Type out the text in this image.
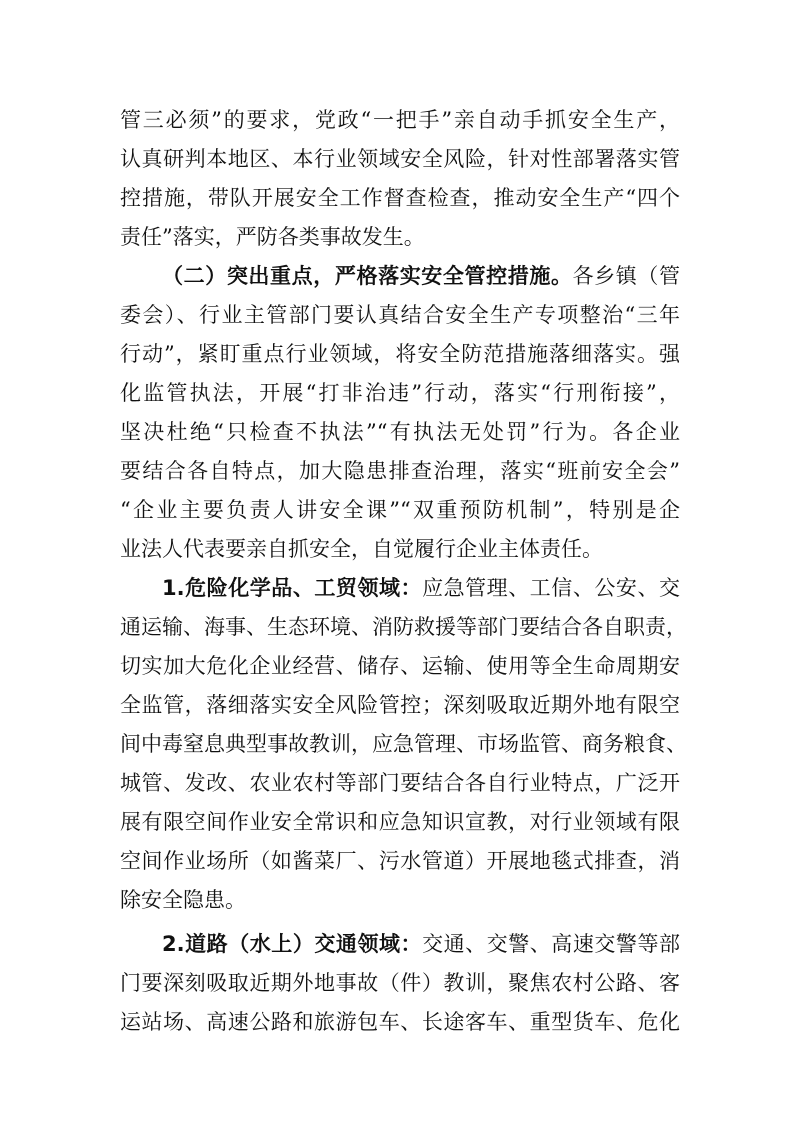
管三必须”的要求，党政“一把手”亲自动手抓安全生产，
认真研判本地区、本行业领域安全风险，针对性部署落实管
控措施，带队开展安全工作督查检查，推动安全生产“四个
责任”落实，严防各类事故发生。
（二）突出重点，严格落实安全管控措施。各乡镇（管
委会）、行业主管部门要认真结合安全生产专项整治“三年
行动”，紧盯重点行业领域，将安全防范措施落细落实。强
化监管执法，开展“打非治违”行动，落实“行刑衔接”，
坚决杜绝“只检查不执法”“有执法无处罚”行为。各企业
要结合各自特点，加大隐患排查治理，落实“班前安全会”
“企业主要负责人讲安全课”“双重预防机制”，特别是企
业法人代表要亲自抓安全，自觉履行企业主体责任。
1.危险化学品、工贸领域：应急管理、工信、公安、交
通运输、海事、生态环境、消防救援等部门要结合各自职责，
切实加大危化企业经营、储存、运输、使用等全生命周期安
全监管，落细落实安全风险管控；深刻吸取近期外地有限空
间中毒窒息典型事故教训，应急管理、市场监管、商务粮食、
城管、发改、农业农村等部门要结合各自行业特点，广泛开
展有限空间作业安全常识和应急知识宣教，对行业领域有限
空间作业场所（如酱菜厂、污水管道）开展地毯式排查，消
除安全隐患。
2.道路（水上）交通领域：交通、交警、高速交警等部
门要深刻吸取近期外地事故（件）教训，聚焦农村公路、客
运站场、高速公路和旅游包车、长途客车、重型货车、危化
